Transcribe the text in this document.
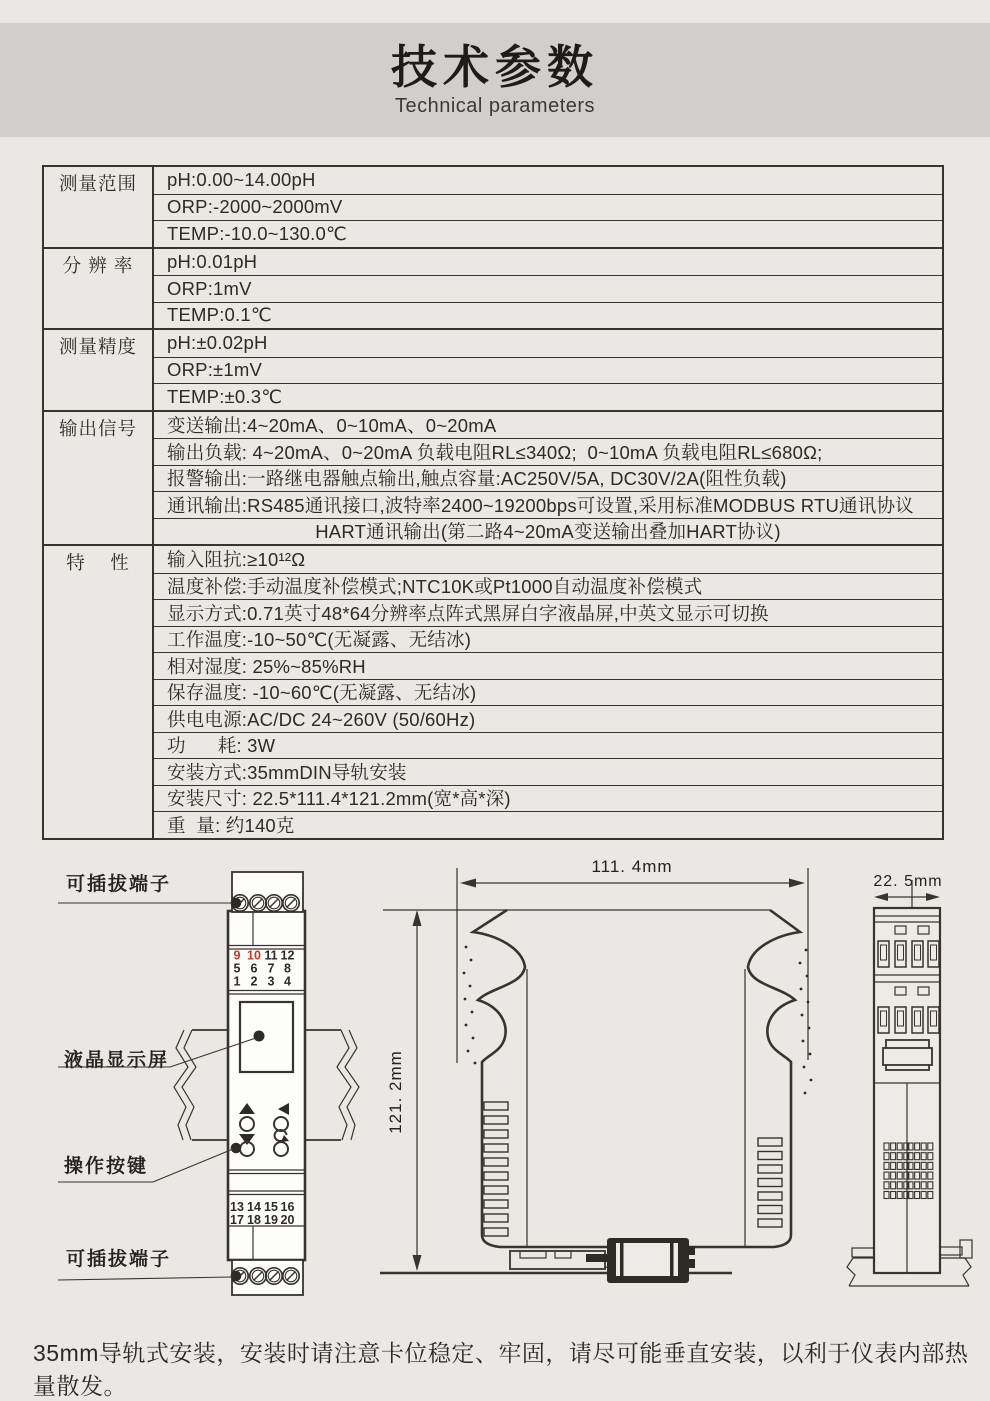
技术参数
Technical parameters
测量范围	pH:0.00~14.00pH
ORP:-2000~2000mV
TEMP:-10.0~130.0℃
分 辨 率	pH:0.01pH
ORP:1mV
TEMP:0.1℃
测量精度	pH:±0.02pH
ORP:±1mV
TEMP:±0.3℃
输出信号	变送输出:4~20mA、0~10mA、0~20mA
输出负载: 4~20mA、0~20mA 负载电阻RL≤340Ω;  0~10mA 负载电阻RL≤680Ω;
报警输出:一路继电器触点输出,触点容量:AC250V/5A, DC30V/2A(阻性负载)
通讯输出:RS485通讯接口,波特率2400~19200bps可设置,采用标准MODBUS RTU通讯协议
HART通讯输出(第二路4~20mA变送输出叠加HART协议)
特    性	输入阻抗:≥10¹²Ω
温度补偿:手动温度补偿模式;NTC10K或Pt1000自动温度补偿模式
显示方式:0.71英寸48*64分辨率点阵式黑屏白字液晶屏,中英文显示可切换
工作温度:-10~50℃(无凝露、无结冰)
相对湿度: 25%~85%RH
保存温度: -10~60℃(无凝露、无结冰)
供电电源:AC/DC 24~260V (50/60Hz)
功      耗: 3W
安装方式:35mmDIN导轨安装
安装尺寸: 22.5*111.4*121.2mm(宽*高*深)
重  量: 约140克
可插拔端子
液晶显示屏
操作按键
可插拔端子
9 10 11 12
5 6 7 8
1 2 3 4
13 14 15 16
17 18 19 20
111. 4mm
121. 2mm
22. 5mm

35mm导轨式安装，安装时请注意卡位稳定、牢固，请尽可能垂直安装，以利于仪表内部热量散发。
